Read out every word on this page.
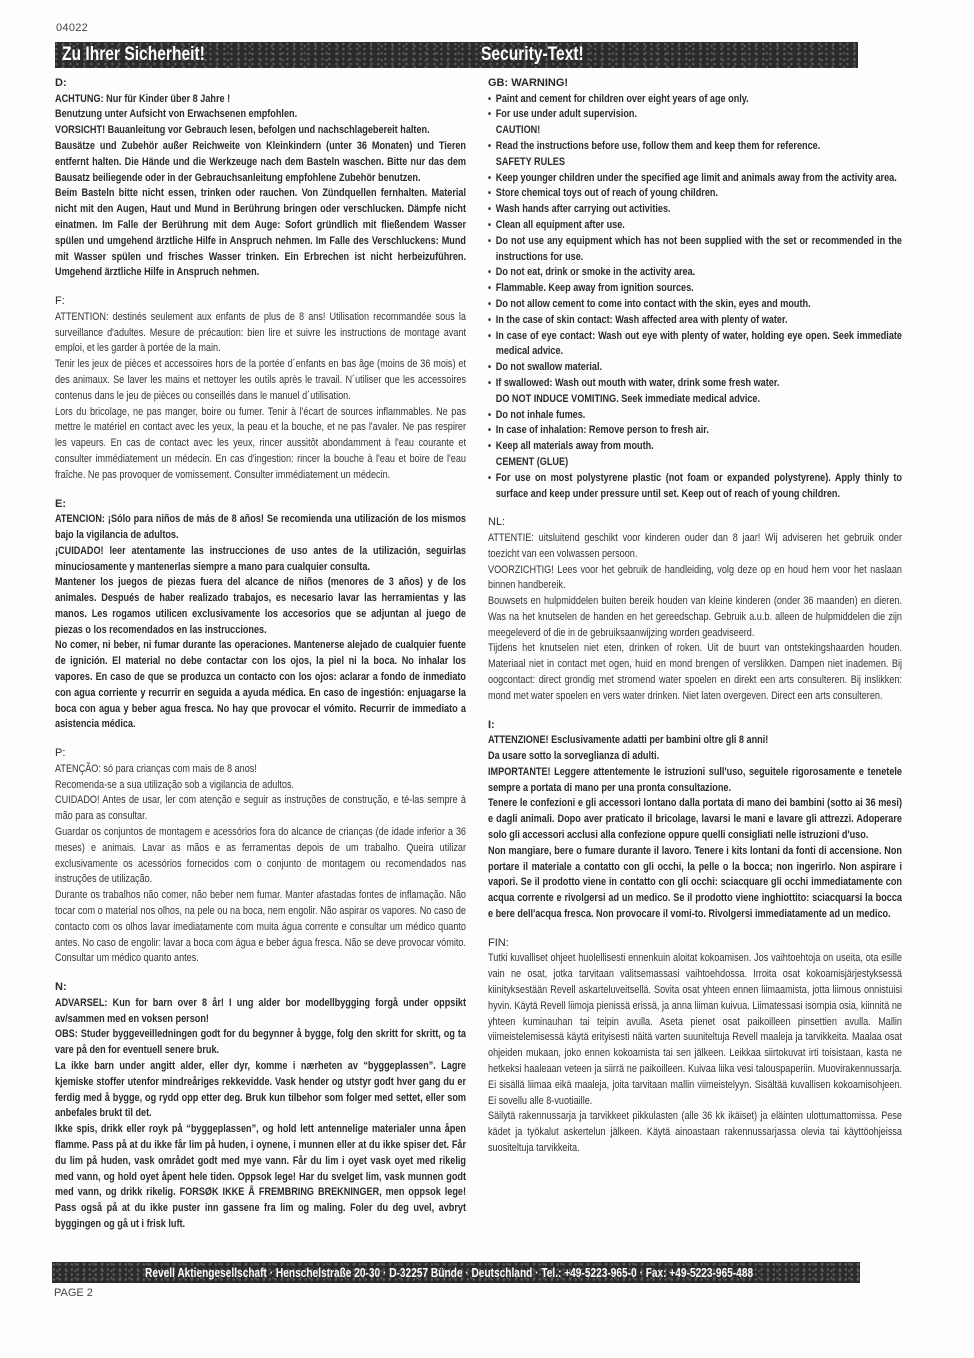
04022
Zu Ihrer Sicherheit!	Security-Text!
D:
ACHTUNG: Nur für Kinder über 8 Jahre !
Benutzung unter Aufsicht von Erwachsenen empfohlen.
VORSICHT! Bauanleitung vor Gebrauch lesen, befolgen und nachschlagebereit halten.
Bausätze und Zubehör außer Reichweite von Kleinkindern (unter 36 Monaten) und Tieren entfernt halten. Die Hände und die Werkzeuge nach dem Basteln waschen. Bitte nur das dem Bausatz beiliegende oder in der Gebrauchsanleitung empfohlene Zubehör benutzen.
Beim Basteln bitte nicht essen, trinken oder rauchen. Von Zündquellen fernhalten. Material nicht mit den Augen, Haut und Mund in Berührung bringen oder verschlucken. Dämpfe nicht einatmen. Im Falle der Berührung mit dem Auge: Sofort gründlich mit fließendem Wasser spülen und umgehend ärztliche Hilfe in Anspruch nehmen. Im Falle des Verschluckens: Mund mit Wasser spülen und frisches Wasser trinken. Ein Erbrechen ist nicht herbeizuführen. Umgehend ärztliche Hilfe in Anspruch nehmen.
F:
ATTENTION: destinés seulement aux enfants de plus de 8 ans! Utilisation recommandée sous la surveillance d'adultes. Mesure de précaution: bien lire et suivre les instructions de montage avant emploi, et les garder à portée de la main.
Tenir les jeux de pièces et accessoires hors de la portée d´enfants en bas âge (moins de 36 mois) et des animaux. Se laver les mains et nettoyer les outils après le travail. N´utiliser que les accessoires contenus dans le jeu de pièces ou conseillés dans le manuel d´utilisation.
Lors du bricolage, ne pas manger, boire ou fumer. Tenir à l'écart de sources inflammables. Ne pas mettre le matériel en contact avec les yeux, la peau et la bouche, et ne pas l'avaler. Ne pas respirer les vapeurs. En cas de contact avec les yeux, rincer aussitôt abondamment à l'eau courante et consulter immédiatement un médecin. En cas d'ingestion: rincer la bouche à l'eau et boire de l'eau fraîche. Ne pas provoquer de vomissement. Consulter immédiatement un médecin.
E:
ATENCION: ¡Sólo para niños de más de 8 años! Se recomienda una utilización de los mismos bajo la vigilancia de adultos.
¡CUIDADO! leer atentamente las instrucciones de uso antes de la utilización, seguirlas minuciosamente y mantenerlas siempre a mano para cualquier consulta.
Mantener los juegos de piezas fuera del alcance de niños (menores de 3 años) y de los animales. Después de haber realizado trabajos, es necesario lavar las herramientas y las manos. Les rogamos utilicen exclusivamente los accesorios que se adjuntan al juego de piezas o los recomendados en las instrucciones.
No comer, ni beber, ni fumar durante las operaciones. Mantenerse alejado de cualquier fuente de ignición. El material no debe contactar con los ojos, la piel ni la boca. No inhalar los vapores. En caso de que se produzca un contacto con los ojos: aclarar a fondo de inmediato con agua corriente y recurrir en seguida a ayuda médica. En caso de ingestión: enjuagarse la boca con agua y beber agua fresca. No hay que provocar el vómito. Recurrir de immediato a asistencia médica.
P:
ATENÇÃO: só para crianças com mais de 8 anos!
Recomenda-se a sua utilização sob a vigilancia de adultos.
CUIDADO! Antes de usar, ler com atenção e seguir as instruções de construção, e té-las sempre à mão para as consultar.
Guardar os conjuntos de montagem e acessórios fora do alcance de crianças (de idade inferior a 36 meses) e animais. Lavar as mãos e as ferramentas depois de um trabalho. Queira utilizar exclusivamente os acessórios fornecidos com o conjunto de montagem ou recomendados nas instruções de utilização.
Durante os trabalhos não comer, não beber nem fumar. Manter afastadas fontes de inflamação. Não tocar com o material nos olhos, na pele ou na boca, nem engolir. Não aspirar os vapores. No caso de contacto com os olhos lavar imediatamente com muita água corrente e consultar um médico quanto antes. No caso de engolir: lavar a boca com água e beber água fresca. Não se deve provocar vómito. Consultar um médico quanto antes.
N:
ADVARSEL: Kun for barn over 8 år! I ung alder bor modellbygging forgå under oppsikt av/sammen med en voksen person!
OBS: Studer byggeveilledningen godt for du begynner å bygge, folg den skritt for skritt, og ta vare på den for eventuell senere bruk.
La ikke barn under angitt alder, eller dyr, komme i nærheten av “byggeplassen”. Lagre kjemiske stoffer utenfor mindreåriges rekkevidde. Vask hender og utstyr godt hver gang du er ferdig med å bygge, og rydd opp etter deg. Bruk kun tilbehor som folger med settet, eller som anbefales brukt til det.
Ikke spis, drikk eller royk på “byggeplassen”, og hold lett antennelige materialer unna åpen flamme. Pass på at du ikke får lim på huden, i oynene, i munnen eller at du ikke spiser det. Får du lim på huden, vask området godt med mye vann. Får du lim i oyet vask oyet med rikelig med vann, og hold oyet åpent hele tiden. Oppsok lege! Har du svelget lim, vask munnen godt med vann, og drikk rikelig. FORSØK IKKE Å FREMBRING BREKNINGER, men oppsok lege! Pass også på at du ikke puster inn gassene fra lim og maling. Foler du deg uvel, avbryt byggingen og gå ut i frisk luft.
GB: WARNING!
• Paint and cement for children over eight years of age only.
• For use under adult supervision.
CAUTION!
• Read the instructions before use, follow them and keep them for reference.
SAFETY RULES
• Keep younger children under the specified age limit and animals away from the activity area.
• Store chemical toys out of reach of young children.
• Wash hands after carrying out activities.
• Clean all equipment after use.
• Do not use any equipment which has not been supplied with the set or recommended in the instructions for use.
• Do not eat, drink or smoke in the activity area.
• Flammable. Keep away from ignition sources.
• Do not allow cement to come into contact with the skin, eyes and mouth.
• In the case of skin contact: Wash affected area with plenty of water.
• In case of eye contact: Wash out eye with plenty of water, holding eye open. Seek immediate medical advice.
• Do not swallow material.
• If swallowed: Wash out mouth with water, drink some fresh water.
DO NOT INDUCE VOMITING. Seek immediate medical advice.
• Do not inhale fumes.
• In case of inhalation: Remove person to fresh air.
• Keep all materials away from mouth.
CEMENT (GLUE)
• For use on most polystyrene plastic (not foam or expanded polystyrene). Apply thinly to surface and keep under pressure until set. Keep out of reach of young children.
NL:
ATTENTIE: uitsluitend geschikt voor kinderen ouder dan 8 jaar! Wij adviseren het gebruik onder toezicht van een volwassen persoon.
VOORZICHTIG! Lees voor het gebruik de handleiding, volg deze op en houd hem voor het naslaan binnen handbereik.
Bouwsets en hulpmiddelen buiten bereik houden van kleine kinderen (onder 36 maanden) en dieren. Was na het knutselen de handen en het gereedschap. Gebruik a.u.b. alleen de hulpmiddelen die zijn meegeleverd of die in de gebruiksaanwijzing worden geadviseerd.
Tijdens het knutselen niet eten, drinken of roken. Uit de buurt van ontstekingshaarden houden. Materiaal niet in contact met ogen, huid en mond brengen of verslikken. Dampen niet inademen. Bij oogcontact: direct grondig met stromend water spoelen en direkt een arts consulteren. Bij inslikken: mond met water spoelen en vers water drinken. Niet laten overgeven. Direct een arts consulteren.
I:
ATTENZIONE! Esclusivamente adatti per bambini oltre gli 8 anni!
Da usare sotto la sorveglianza di adulti.
IMPORTANTE! Leggere attentemente le istruzioni sull'uso, seguitele rigorosamente e tenetele sempre a portata di mano per una pronta consultazione.
Tenere le confezioni e gli accessori lontano dalla portata di mano dei bambini (sotto ai 36 mesi) e dagli animali. Dopo aver praticato il bricolage, lavarsi le mani e lavare gli attrezzi. Adoperare solo gli accessori acclusi alla confezione oppure quelli consigliati nelle istruzioni d'uso.
Non mangiare, bere o fumare durante il lavoro. Tenere i kits lontani da fonti di accensione. Non portare il materiale a contatto con gli occhi, la pelle o la bocca; non ingerirlo. Non aspirare i vapori. Se il prodotto viene in contatto con gli occhi: sciacquare gli occhi immediatamente con acqua corrente e rivolgersi ad un medico. Se il prodotto viene inghiottito: sciacquarsi la bocca e bere dell'acqua fresca. Non provocare il vomi-to. Rivolgersi immediatamente ad un medico.
FIN:
Tutki kuvalliset ohjeet huolellisesti ennenkuin aloitat kokoamisen. Jos vaihtoehtoja on useita, ota esille vain ne osat, jotka tarvitaan valitsemassasi vaihtoehdossa. Irroita osat kokoamisjärjestyksessä kiinityksestään Revell askarteluveitsellä. Sovita osat yhteen ennen liimaamista, jotta liimous onnistuisi hyvin. Käytä Revell liimoja pienissä erissä, ja anna liiman kuivua. Liimatessasi isompia osia, kiinnitä ne yhteen kuminauhan tai teipin avulla. Aseta pienet osat paikoilleen pinsettien avulla. Mallin viimeistelemisessä käytä erityisesti näitä varten suuniteltuja Revell maaleja ja tarvikkeita. Maalaa osat ohjeiden mukaan, joko ennen kokoamista tai sen jälkeen. Leikkaa siirtokuvat irti toisistaan, kasta ne hetkeksi haaleaan veteen ja siirrä ne paikoilleen. Kuivaa liika vesi talouspaperiin. Muovirakennussarja. Ei sisällä liimaa eikä maaleja, joita tarvitaan mallin viimeistelyyn. Sisältää kuvallisen kokoamisohjeen. Ei sovellu alle 8-vuotiaille.
Säilytä rakennussarja ja tarvikkeet pikkulasten (alle 36 kk ikäiset) ja eläinten ulottumattomissa. Pese kädet ja työkalut askertelun jälkeen. Käytä ainoastaan rakennussarjassa olevia tai käyttöohjeissa suositeltuja tarvikkeita.
Revell Aktiengesellschaft · Henschelstraße 20-30 · D-32257 Bünde · Deutschland · Tel.: +49-5223-965-0 · Fax: +49-5223-965-488
PAGE 2
